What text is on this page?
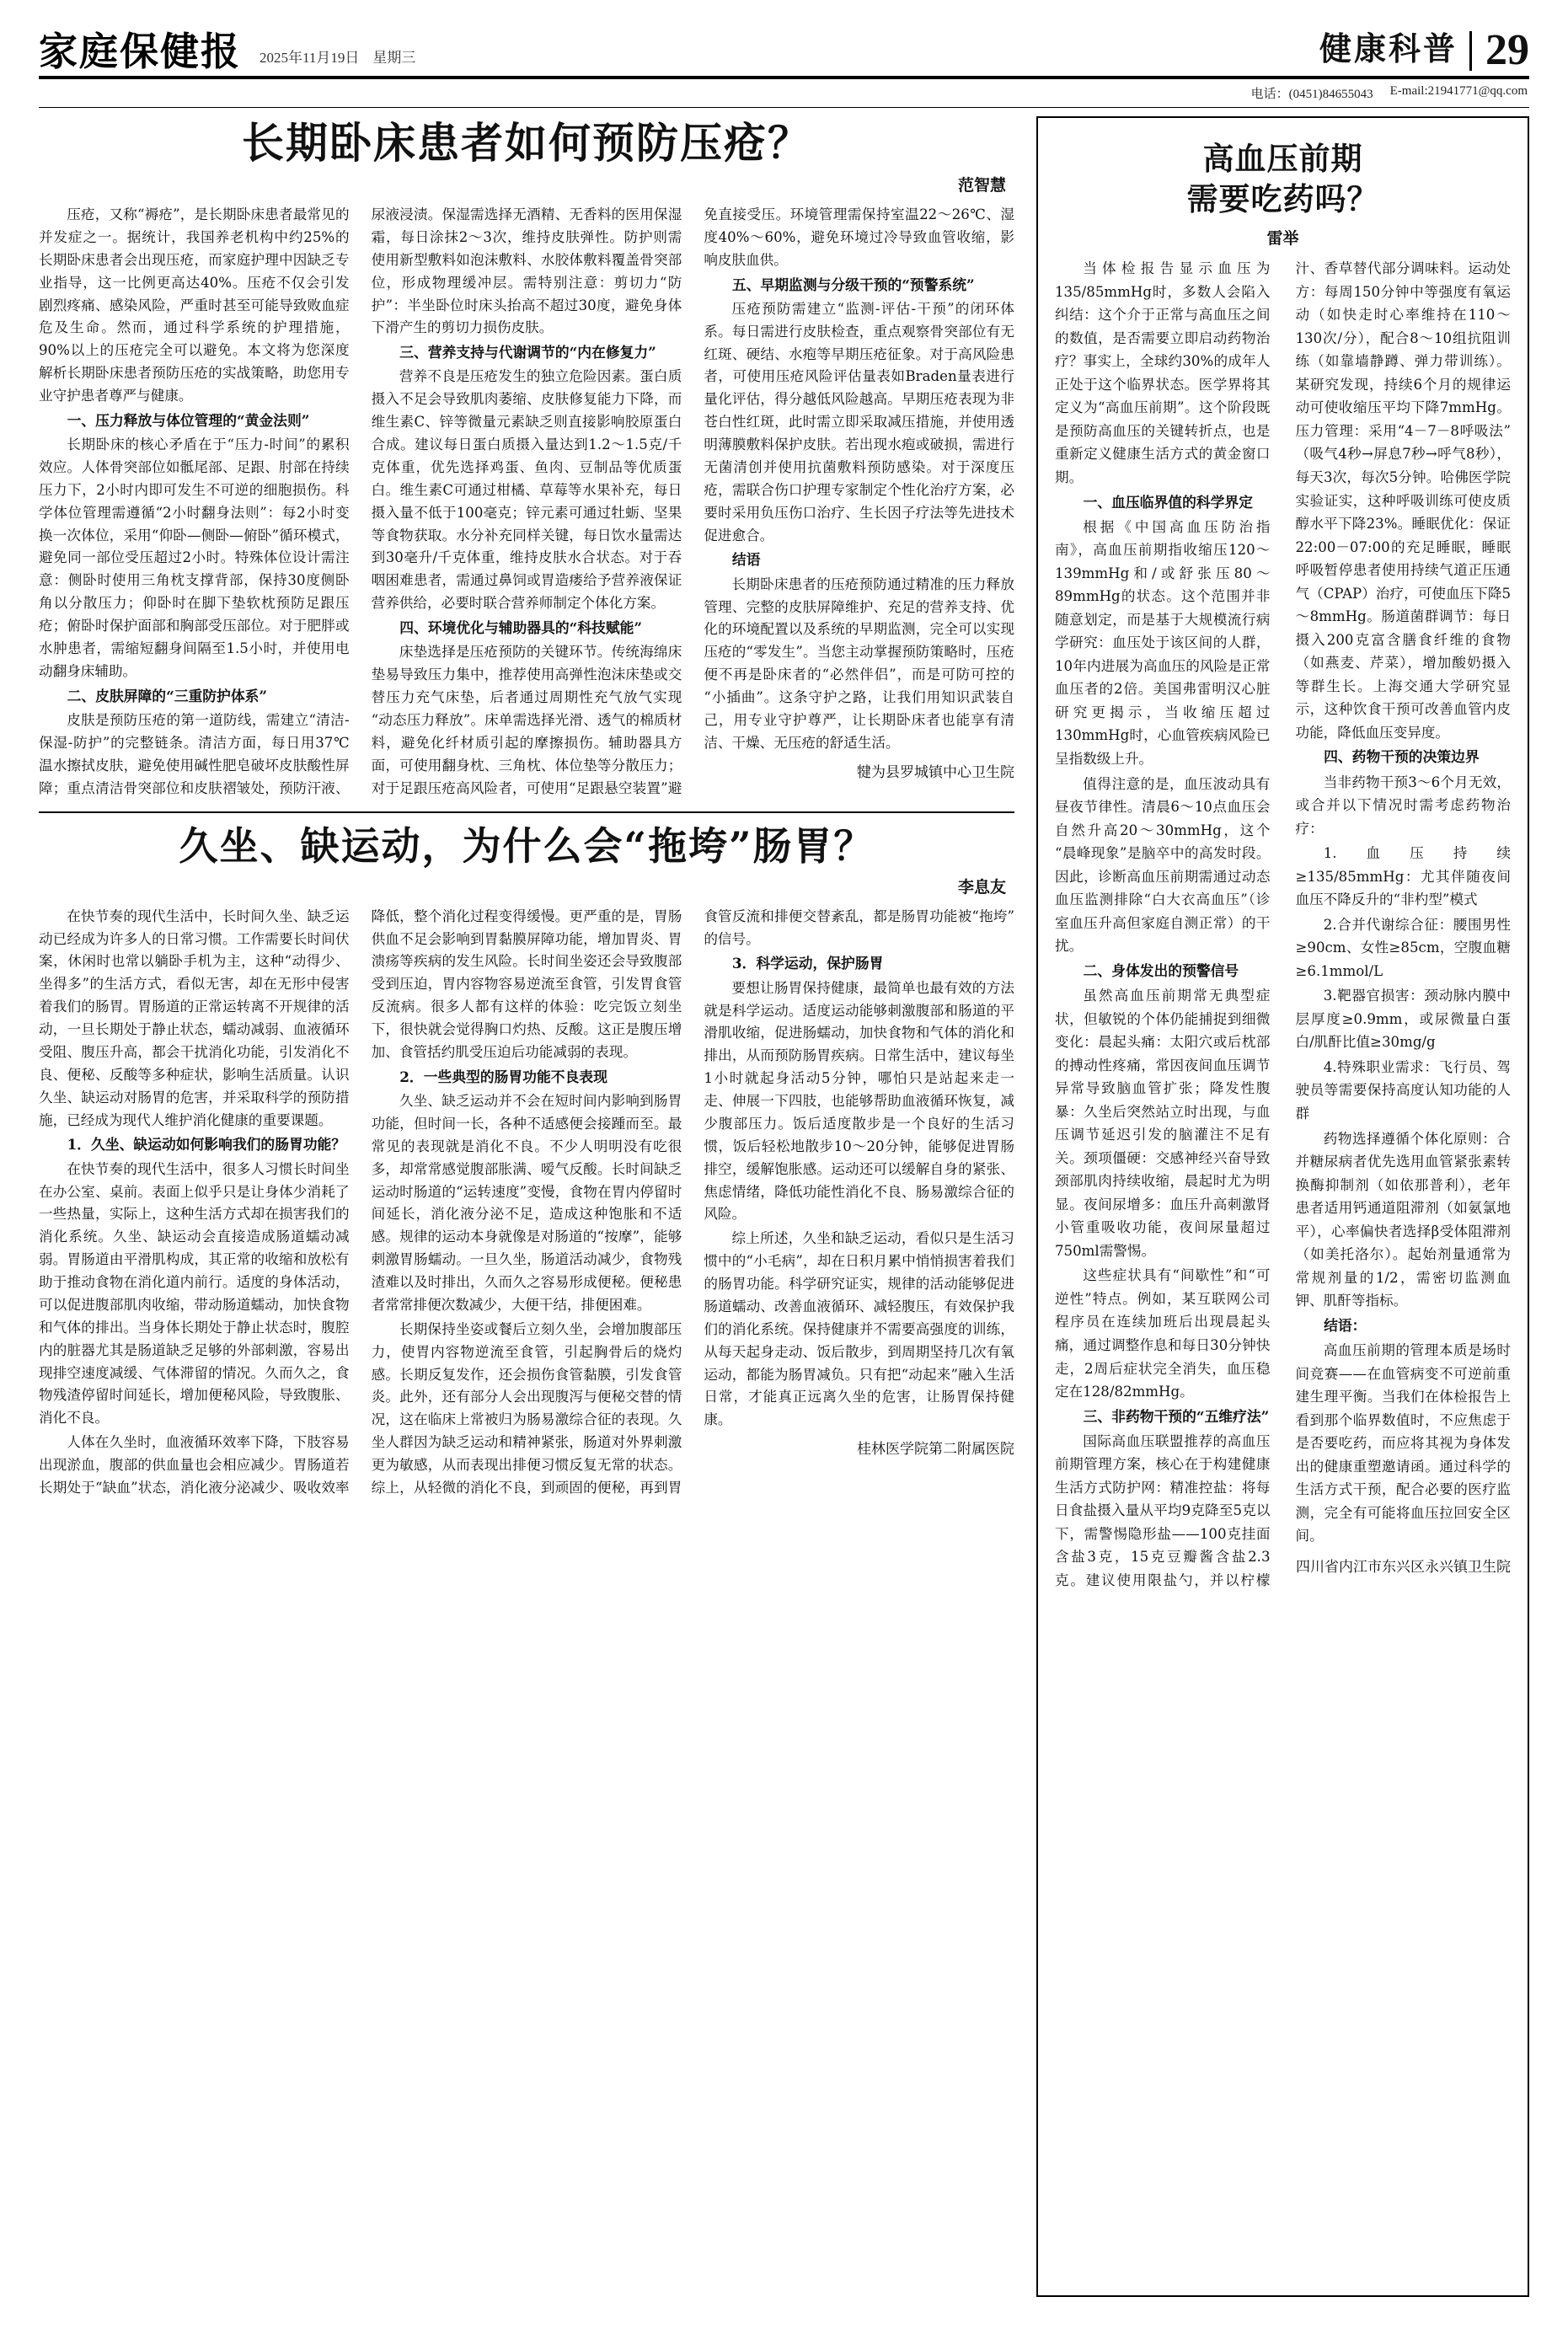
家庭保健报 2025年11月19日 星期三	健康科普 29
电话：(0451)84655043 E-mail:21941771@qq.com
长期卧床患者如何预防压疮？
范智慧

压疮，又称“褥疮”，是长期卧床患者最常见的并发症之一。据统计，我国养老机构中约25%的长期卧床患者会出现压疮，而家庭护理中因缺乏专业指导，这一比例更高达40%。压疮不仅会引发剧烈疼痛、感染风险，严重时甚至可能导致败血症危及生命。然而，通过科学系统的护理措施，90%以上的压疮完全可以避免。本文将为您深度解析长期卧床患者预防压疮的实战策略，助您用专业守护患者尊严与健康。

一、压力释放与体位管理的“黄金法则”

长期卧床的核心矛盾在于“压力-时间”的累积效应。人体骨突部位如骶尾部、足跟、肘部在持续压力下，2小时内即可发生不可逆的细胞损伤。科学体位管理需遵循“2小时翻身法则”：每2小时变换一次体位，采用“仰卧—侧卧—俯卧”循环模式，避免同一部位受压超过2小时。特殊体位设计需注意：侧卧时使用三角枕支撑背部，保持30度侧卧角以分散压力；仰卧时在脚下垫软枕预防足跟压疮；俯卧时保护面部和胸部受压部位。对于肥胖或水肿患者，需缩短翻身间隔至1.5小时，并使用电动翻身床辅助。

二、皮肤屏障的“三重防护体系”

皮肤是预防压疮的第一道防线，需建立“清洁-保湿-防护”的完整链条。清洁方面，每日用37℃温水擦拭皮肤，避免使用碱性肥皂破坏皮肤酸性屏障；重点清洁骨突部位和皮肤褶皱处，预防汗液、尿液浸渍。保湿需选择无酒精、无香料的医用保湿霜，每日涂抹2～3次，维持皮肤弹性。防护则需使用新型敷料如泡沫敷料、水胶体敷料覆盖骨突部位，形成物理缓冲层。需特别注意：剪切力“防护”：半坐卧位时床头抬高不超过30度，避免身体下滑产生的剪切力损伤皮肤。

三、营养支持与代谢调节的“内在修复力”

营养不良是压疮发生的独立危险因素。蛋白质摄入不足会导致肌肉萎缩、皮肤修复能力下降，而维生素C、锌等微量元素缺乏则直接影响胶原蛋白合成。建议每日蛋白质摄入量达到1.2～1.5克/千克体重，优先选择鸡蛋、鱼肉、豆制品等优质蛋白。维生素C可通过柑橘、草莓等水果补充，每日摄入量不低于100毫克；锌元素可通过牡蛎、坚果等食物获取。水分补充同样关键，每日饮水量需达到30毫升/千克体重，维持皮肤水合状态。对于吞咽困难患者，需通过鼻饲或胃造瘘给予营养液保证营养供给，必要时联合营养师制定个体化方案。

四、环境优化与辅助器具的“科技赋能”

床垫选择是压疮预防的关键环节。传统海绵床垫易导致压力集中，推荐使用高弹性泡沫床垫或交替压力充气床垫，后者通过周期性充气放气实现“动态压力释放”。床单需选择光滑、透气的棉质材料，避免化纤材质引起的摩擦损伤。辅助器具方面，可使用翻身枕、三角枕、体位垫等分散压力；对于足跟压疮高风险者，可使用“足跟悬空装置”避免直接受压。环境管理需保持室温22～26℃、湿度40%～60%，避免环境过冷导致血管收缩，影响皮肤血供。

五、早期监测与分级干预的“预警系统”

压疮预防需建立“监测-评估-干预”的闭环体系。每日需进行皮肤检查，重点观察骨突部位有无红斑、硬结、水疱等早期压疮征象。对于高风险患者，可使用压疮风险评估量表如Braden量表进行量化评估，得分越低风险越高。早期压疮表现为非苍白性红斑，此时需立即采取减压措施，并使用透明薄膜敷料保护皮肤。若出现水疱或破损，需进行无菌清创并使用抗菌敷料预防感染。对于深度压疮，需联合伤口护理专家制定个性化治疗方案，必要时采用负压伤口治疗、生长因子疗法等先进技术促进愈合。

结语

长期卧床患者的压疮预防通过精准的压力释放管理、完整的皮肤屏障维护、充足的营养支持、优化的环境配置以及系统的早期监测，完全可以实现压疮的“零发生”。当您主动掌握预防策略时，压疮便不再是卧床者的“必然伴侣”，而是可防可控的“小插曲”。这条守护之路，让我们用知识武装自己，用专业守护尊严，让长期卧床者也能享有清洁、干燥、无压疮的舒适生活。

犍为县罗城镇中心卫生院
久坐、缺运动，为什么会“拖垮”肠胃？
李息友

在快节奏的现代生活中，长时间久坐、缺乏运动已经成为许多人的日常习惯。工作需要长时间伏案，休闲时也常以躺卧手机为主，这种“动得少、坐得多”的生活方式，看似无害，却在无形中侵害着我们的肠胃。胃肠道的正常运转离不开规律的活动，一旦长期处于静止状态，蠕动减弱、血液循环受阻、腹压升高，都会干扰消化功能，引发消化不良、便秘、反酸等多种症状，影响生活质量。认识久坐、缺运动对肠胃的危害，并采取科学的预防措施，已经成为现代人维护消化健康的重要课题。

1．久坐、缺运动如何影响我们的肠胃功能？

在快节奏的现代生活中，很多人习惯长时间坐在办公室、桌前。表面上似乎只是让身体少消耗了一些热量，实际上，这种生活方式却在损害我们的消化系统。久坐、缺运动会直接造成肠道蠕动减弱。胃肠道由平滑肌构成，其正常的收缩和放松有助于推动食物在消化道内前行。适度的身体活动，可以促进腹部肌肉收缩，带动肠道蠕动，加快食物和气体的排出。当身体长期处于静止状态时，腹腔内的脏器尤其是肠道缺乏足够的外部刺激，容易出现排空速度减缓、气体滞留的情况。久而久之，食物残渣停留时间延长，增加便秘风险，导致腹胀、消化不良。

人体在久坐时，血液循环效率下降，下肢容易出现淤血，腹部的供血量也会相应减少。胃肠道若长期处于“缺血”状态，消化液分泌减少、吸收效率降低，整个消化过程变得缓慢。更严重的是，胃肠供血不足会影响到胃黏膜屏障功能，增加胃炎、胃溃疡等疾病的发生风险。长时间坐姿还会导致腹部受到压迫，胃内容物容易逆流至食管，引发胃食管反流病。很多人都有这样的体验：吃完饭立刻坐下，很快就会觉得胸口灼热、反酸。这正是腹压增加、食管括约肌受压迫后功能减弱的表现。

2．一些典型的肠胃功能不良表现

久坐、缺乏运动并不会在短时间内影响到肠胃功能，但时间一长，各种不适感便会接踵而至。最常见的表现就是消化不良。不少人明明没有吃很多，却常常感觉腹部胀满、嗳气反酸。长时间缺乏运动时肠道的“运转速度”变慢，食物在胃内停留时间延长，消化液分泌不足，造成这种饱胀和不适感。规律的运动本身就像是对肠道的“按摩”，能够刺激胃肠蠕动。一旦久坐，肠道活动减少，食物残渣难以及时排出，久而久之容易形成便秘。便秘患者常常排便次数减少，大便干结，排便困难。

长期保持坐姿或餐后立刻久坐，会增加腹部压力，使胃内容物逆流至食管，引起胸骨后的烧灼感。长期反复发作，还会损伤食管黏膜，引发食管炎。此外，还有部分人会出现腹泻与便秘交替的情况，这在临床上常被归为肠易激综合征的表现。久坐人群因为缺乏运动和精神紧张，肠道对外界刺激更为敏感，从而表现出排便习惯反复无常的状态。综上，从轻微的消化不良，到顽固的便秘，再到胃食管反流和排便交替紊乱，都是肠胃功能被“拖垮”的信号。

3．科学运动，保护肠胃

要想让肠胃保持健康，最简单也最有效的方法就是科学运动。适度运动能够刺激腹部和肠道的平滑肌收缩，促进肠蠕动，加快食物和气体的消化和排出，从而预防肠胃疾病。日常生活中，建议每坐1小时就起身活动5分钟，哪怕只是站起来走一走、伸展一下四肢，也能够帮助血液循环恢复，减少腹部压力。饭后适度散步是一个良好的生活习惯，饭后轻松地散步10～20分钟，能够促进胃肠排空，缓解饱胀感。运动还可以缓解自身的紧张、焦虑情绪，降低功能性消化不良、肠易激综合征的风险。

综上所述，久坐和缺乏运动，看似只是生活习惯中的“小毛病”，却在日积月累中悄悄损害着我们的肠胃功能。科学研究证实，规律的活动能够促进肠道蠕动、改善血液循环、减轻腹压，有效保护我们的消化系统。保持健康并不需要高强度的训练，从每天起身走动、饭后散步，到周期坚持几次有氧运动，都能为肠胃减负。只有把“动起来”融入生活日常，才能真正远离久坐的危害，让肠胃保持健康。

桂林医学院第二附属医院
高血压前期
需要吃药吗？
雷举

当体检报告显示血压为135/85mmHg时，多数人会陷入纠结：这个介于正常与高血压之间的数值，是否需要立即启动药物治疗？事实上，全球约30%的成年人正处于这个临界状态。医学界将其定义为“高血压前期”。这个阶段既是预防高血压的关键转折点，也是重新定义健康生活方式的黄金窗口期。

一、血压临界值的科学界定

根据《中国高血压防治指南》，高血压前期指收缩压120～139mmHg和/或舒张压80～89mmHg的状态。这个范围并非随意划定，而是基于大规模流行病学研究：血压处于该区间的人群，10年内进展为高血压的风险是正常血压者的2倍。美国弗雷明汉心脏研究更揭示，当收缩压超过130mmHg时，心血管疾病风险已呈指数级上升。

值得注意的是，血压波动具有昼夜节律性。清晨6～10点血压会自然升高20～30mmHg，这个“晨峰现象”是脑卒中的高发时段。因此，诊断高血压前期需通过动态血压监测排除“白大衣高血压”（诊室血压升高但家庭自测正常）的干扰。

二、身体发出的预警信号

虽然高血压前期常无典型症状，但敏锐的个体仍能捕捉到细微变化：晨起头痛：太阳穴或后枕部的搏动性疼痛，常因夜间血压调节异常导致脑血管扩张；降发性腹暴：久坐后突然站立时出现，与血压调节延迟引发的脑灌注不足有关。颈项僵硬：交感神经兴奋导致颈部肌肉持续收缩，晨起时尤为明显。夜间尿增多：血压升高刺激肾小管重吸收功能，夜间尿量超过750ml需警惕。

这些症状具有“间歇性”和“可逆性”特点。例如，某互联网公司程序员在连续加班后出现晨起头痛，通过调整作息和每日30分钟快走，2周后症状完全消失，血压稳定在128/82mmHg。

三、非药物干预的“五维疗法”

国际高血压联盟推荐的高血压前期管理方案，核心在于构建健康生活方式防护网：精准控盐：将每日食盐摄入量从平均9克降至5克以下，需警惕隐形盐——100克挂面含盐3克，15克豆瓣酱含盐2.3克。建议使用限盐勺，并以柠檬汁、香草替代部分调味料。运动处方：每周150分钟中等强度有氧运动（如快走时心率维持在110～130次/分），配合8～10组抗阻训练（如靠墙静蹲、弹力带训练）。某研究发现，持续6个月的规律运动可使收缩压平均下降7mmHg。压力管理：采用“4－7－8呼吸法”（吸气4秒→屏息7秒→呼气8秒），每天3次，每次5分钟。哈佛医学院实验证实，这种呼吸训练可使皮质醇水平下降23%。睡眠优化：保证22:00－07:00的充足睡眠，睡眠呼吸暂停患者使用持续气道正压通气（CPAP）治疗，可使血压下降5～8mmHg。肠道菌群调节：每日摄入200克富含膳食纤维的食物（如燕麦、芹菜），增加酸奶摄入等群生长。上海交通大学研究显示，这种饮食干预可改善血管内皮功能，降低血压变异度。

四、药物干预的决策边界

当非药物干预3～6个月无效，或合并以下情况时需考虑药物治疗：

1.血压持续≥135/85mmHg：尤其伴随夜间血压不降反升的“非杓型”模式

2.合并代谢综合征：腰围男性≥90cm、女性≥85cm，空腹血糖≥6.1mmol/L

3.靶器官损害：颈动脉内膜中层厚度≥0.9mm，或尿微量白蛋白/肌酐比值≥30mg/g

4.特殊职业需求：飞行员、驾驶员等需要保持高度认知功能的人群

药物选择遵循个体化原则：合并糖尿病者优先选用血管紧张素转换酶抑制剂（如依那普利），老年患者适用钙通道阻滞剂（如氨氯地平），心率偏快者选择β受体阻滞剂（如美托洛尔）。起始剂量通常为常规剂量的1/2，需密切监测血钾、肌酐等指标。

结语：

高血压前期的管理本质是场时间竞赛——在血管病变不可逆前重建生理平衡。当我们在体检报告上看到那个临界数值时，不应焦虑于是否要吃药，而应将其视为身体发出的健康重塑邀请函。通过科学的生活方式干预，配合必要的医疗监测，完全有可能将血压拉回安全区间。

四川省内江市东兴区永兴镇卫生院
